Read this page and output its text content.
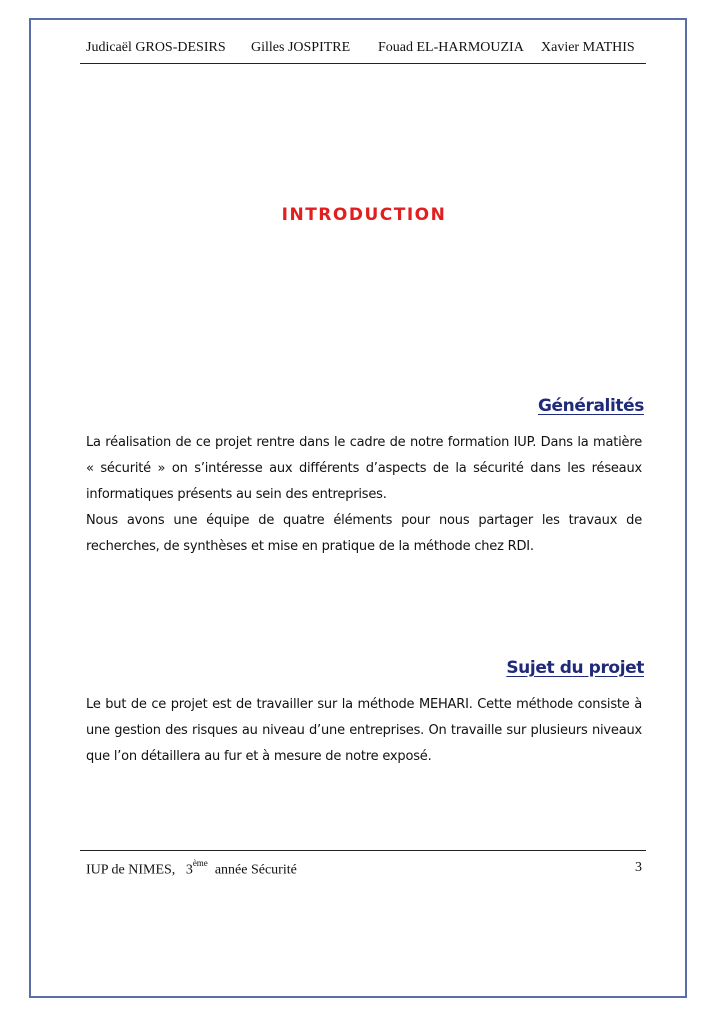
Judicaël GROS-DESIRS Gilles JOSPITRE Fouad EL-HARMOUZIA Xavier MATHIS
INTRODUCTION
Généralités

La réalisation de ce projet rentre dans le cadre de notre formation IUP. Dans la matière « sécurité » on s’intéresse aux différents d’aspects de la sécurité dans les réseaux informatiques présents au sein des entreprises.

Nous avons une équipe de quatre éléments pour nous partager les travaux de recherches, de synthèses et mise en pratique de la méthode chez RDI.

Sujet du projet

Le but de ce projet est de travailler sur la méthode MEHARI. Cette méthode consiste à une gestion des risques au niveau d’une entreprises. On travaille sur plusieurs niveaux que l’on détaillera au fur et à mesure de notre exposé.

IUP de NIMES, 3ème année Sécurité	3
